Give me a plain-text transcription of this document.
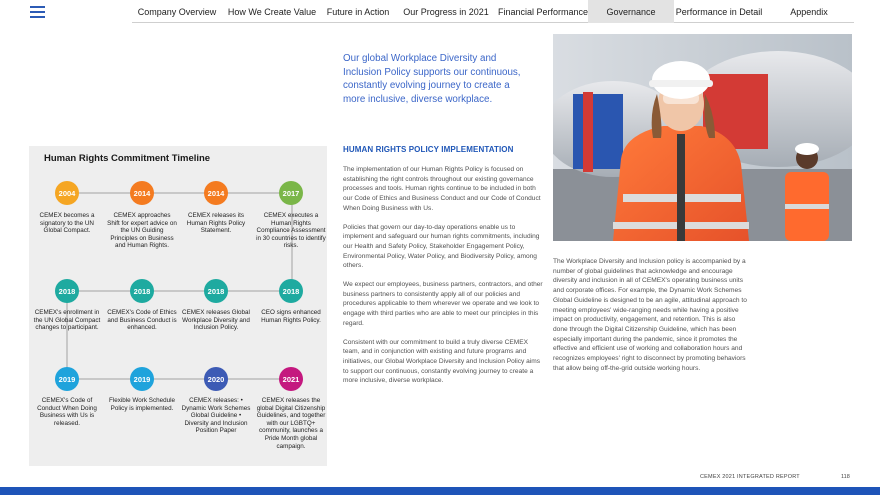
Company Overview	How We Create Value	Future in Action	Our Progress in 2021	Financial Performance	Governance	Performance in Detail	Appendix
Human Rights Commitment Timeline
2004
CEMEX becomes a signatory to the UN Global Compact.
2014
CEMEX approaches Shift for expert advice on the UN Guiding Principles on Business and Human Rights.
2014
CEMEX releases its Human Rights Policy Statement.
2017
CEMEX executes a Human Rights Compliance Assessment in 30 countries to identify risks.
2018
CEMEX's enrollment in the UN Global Compact changes to participant.
2018
CEMEX's Code of Ethics and Business Conduct is enhanced.
2018
CEMEX releases Global Workplace Diversity and Inclusion Policy.
2018
CEO signs enhanced Human Rights Policy.
2019
CEMEX's Code of Conduct When Doing Business with Us is released.
2019
Flexible Work Schedule Policy is implemented.
2020
CEMEX releases: • Dynamic Work Schemes Global Guideline • Diversity and Inclusion Position Paper
2021
CEMEX releases the global Digital Citizenship Guidelines, and together with our LGBTQ+ community, launches a Pride Month global campaign.
Our global Workplace Diversity and Inclusion Policy supports our continuous, constantly evolving journey to create a more inclusive, diverse workplace.
HUMAN RIGHTS POLICY IMPLEMENTATION

The implementation of our Human Rights Policy is focused on establishing the right controls throughout our existing governance processes and tools. Human rights continue to be included in both our Code of Ethics and Business Conduct and our Code of Conduct When Doing Business with Us.

Policies that govern our day-to-day operations enable us to implement and safeguard our human rights commitments, including our Health and Safety Policy, Stakeholder Engagement Policy, Environmental Policy, Water Policy, and Biodiversity Policy, among others.

We expect our employees, business partners, contractors, and other business partners to consistently apply all of our policies and procedures applicable to them wherever we operate and we look to engage with third parties who are able to meet our principles in this regard.

Consistent with our commitment to build a truly diverse CEMEX team, and in conjunction with existing and future programs and initiatives, our Global Workplace Diversity and Inclusion Policy aims to support our continuous, constantly evolving journey to create a more inclusive, diverse workplace.

The Workplace Diversity and Inclusion policy is accompanied by a number of global guidelines that acknowledge and encourage diversity and inclusion in all of CEMEX's operating business units and corporate offices. For example, the Dynamic Work Schemes Global Guideline is designed to be an agile, attitudinal approach to meeting employees' wide-ranging needs while having a positive impact on productivity, engagement, and retention. This is also done through the Digital Citizenship Guideline, which has been especially important during the pandemic, since it promotes the effective and efficient use of working and collaboration hours and recognizes employees' right to disconnect by promoting behaviors that allow being off-the-grid outside working hours.
CEMEX 2021 INTEGRATED REPORT	118
